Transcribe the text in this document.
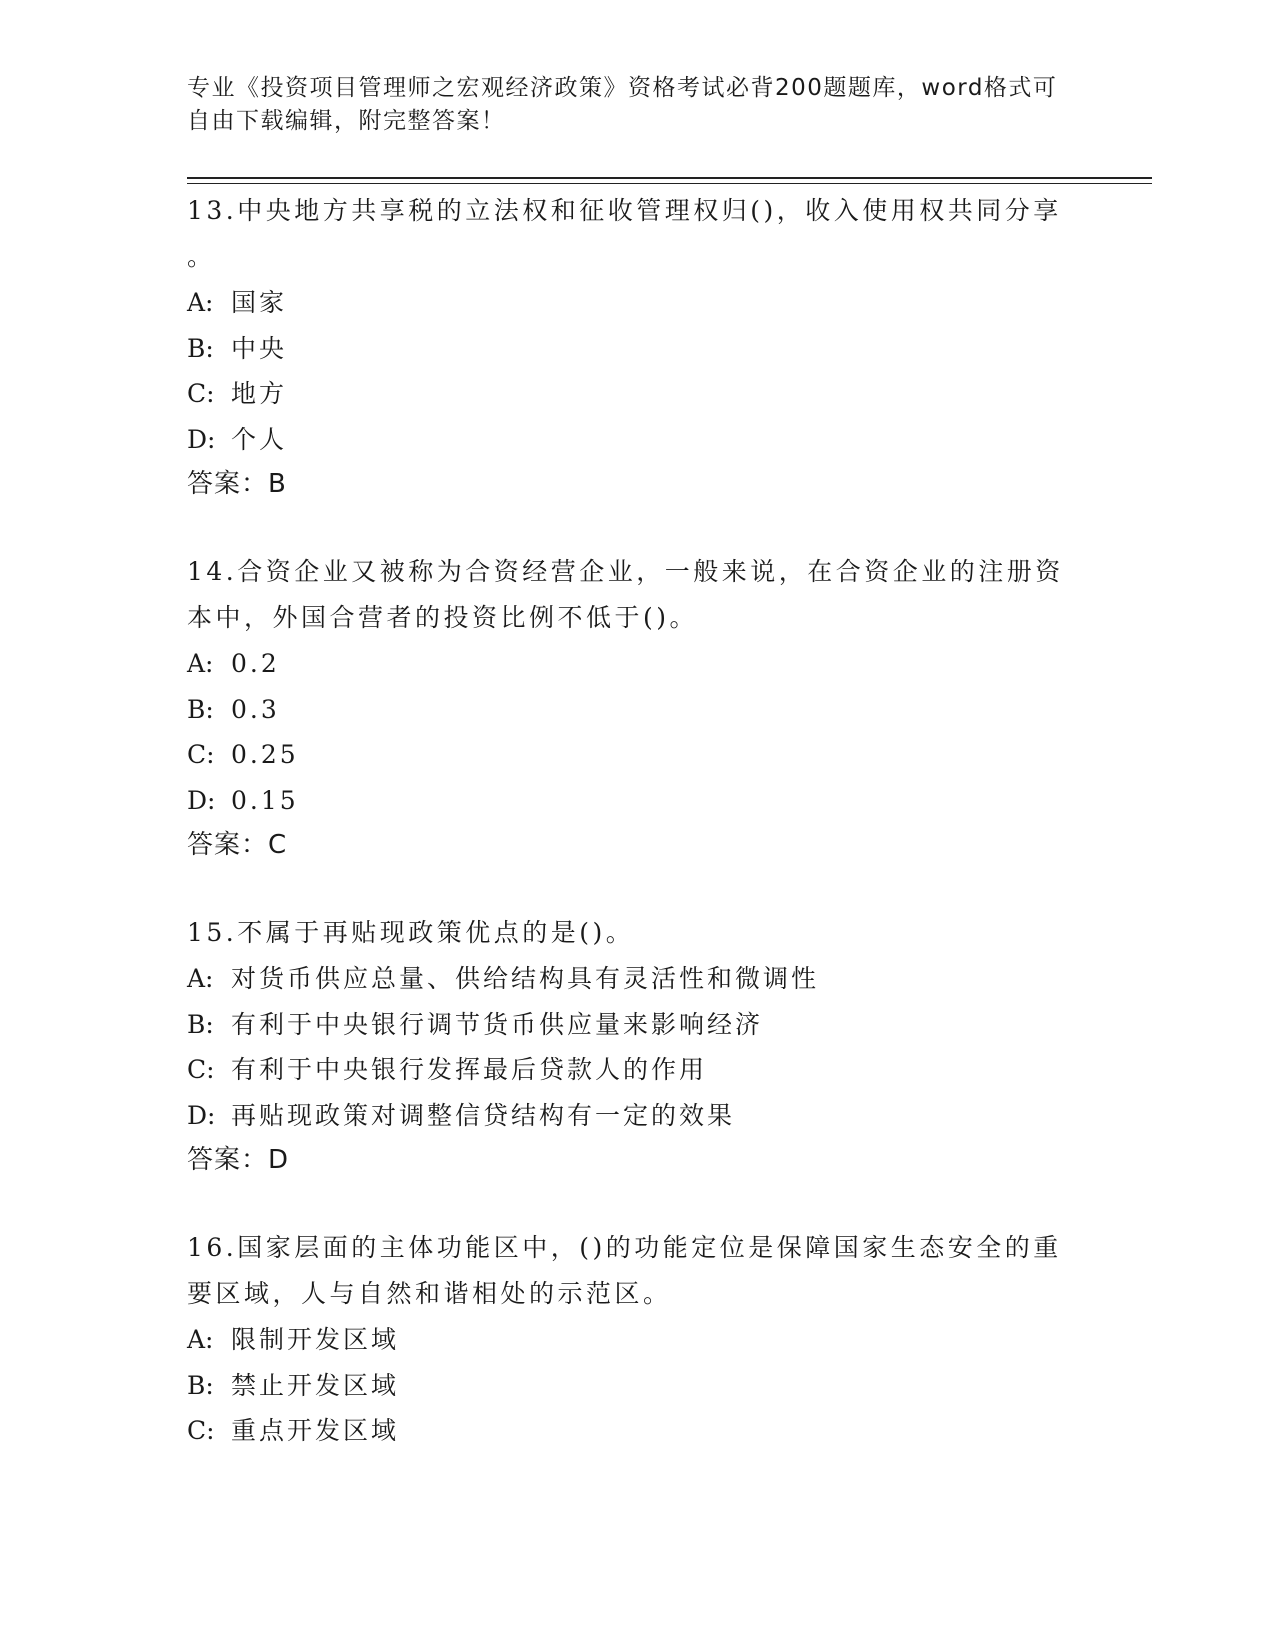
专业《投资项目管理师之宏观经济政策》资格考试必背200题题库，word格式可
自由下载编辑，附完整答案！
13.中央地方共享税的立法权和征收管理权归()，收入使用权共同分享
。
A: 国家
B: 中央
C: 地方
D: 个人
答案：B
14.合资企业又被称为合资经营企业，一般来说，在合资企业的注册资
本中，外国合营者的投资比例不低于()。
A: 0.2
B: 0.3
C: 0.25
D: 0.15
答案：C
15.不属于再贴现政策优点的是()。
A: 对货币供应总量、供给结构具有灵活性和微调性
B: 有利于中央银行调节货币供应量来影响经济
C: 有利于中央银行发挥最后贷款人的作用
D: 再贴现政策对调整信贷结构有一定的效果
答案：D
16.国家层面的主体功能区中，()的功能定位是保障国家生态安全的重
要区域，人与自然和谐相处的示范区。
A: 限制开发区域
B: 禁止开发区域
C: 重点开发区域
